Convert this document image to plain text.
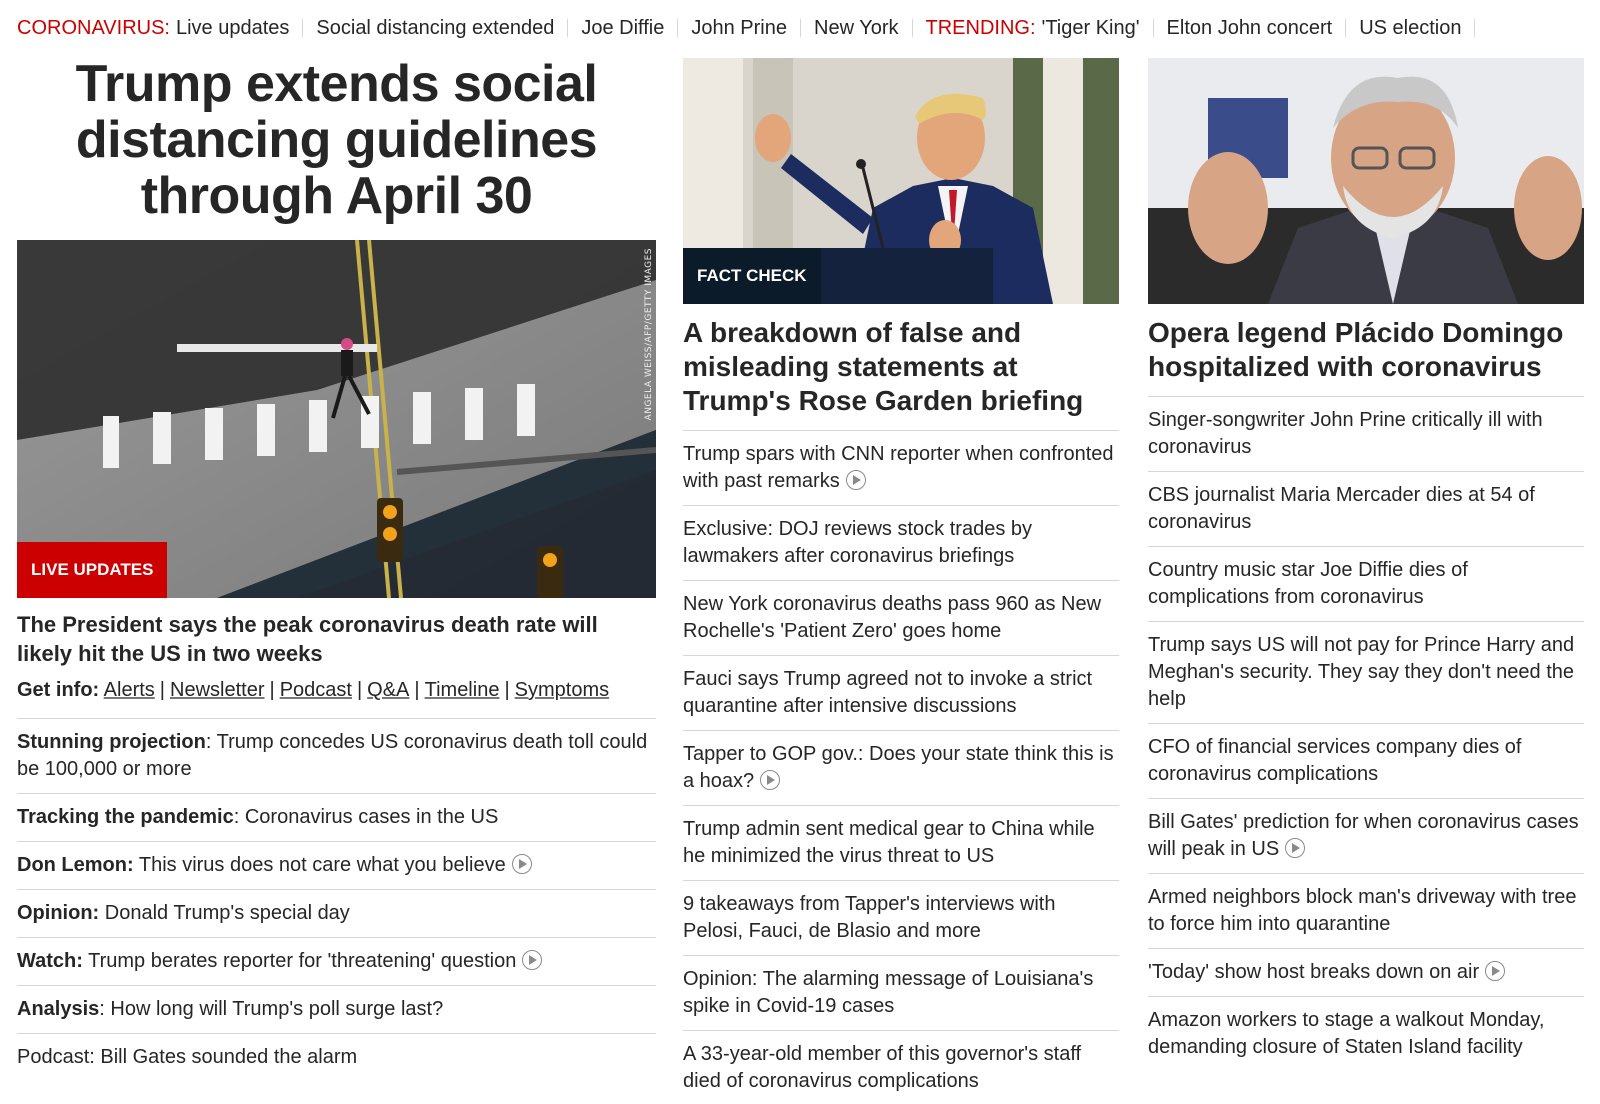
CORONAVIRUS: Live updates Social distancing extended Joe Diffie John Prine New York TRENDING: 'Tiger King' Elton John concert US election
Trump extends social distancing guidelines through April 30
ANGELA WEISS/AFP/GETTY IMAGES
LIVE UPDATES
The President says the peak coronavirus death rate will likely hit the US in two weeks
Get info: Alerts | Newsletter | Podcast | Q&A | Timeline | Symptoms
Stunning projection: Trump concedes US coronavirus death toll could be 100,000 or more
Tracking the pandemic: Coronavirus cases in the US
Don Lemon: This virus does not care what you believe
Opinion: Donald Trump's special day
Watch: Trump berates reporter for 'threatening' question
Analysis: How long will Trump's poll surge last?
Podcast: Bill Gates sounded the alarm
FACT CHECK
A breakdown of false and misleading statements at Trump's Rose Garden briefing
Trump spars with CNN reporter when confronted with past remarks
Exclusive: DOJ reviews stock trades by lawmakers after coronavirus briefings
New York coronavirus deaths pass 960 as New Rochelle's 'Patient Zero' goes home
Fauci says Trump agreed not to invoke a strict quarantine after intensive discussions
Tapper to GOP gov.: Does your state think this is a hoax?
Trump admin sent medical gear to China while he minimized the virus threat to US
9 takeaways from Tapper's interviews with Pelosi, Fauci, de Blasio and more
Opinion: The alarming message of Louisiana's spike in Covid-19 cases
A 33-year-old member of this governor's staff died of coronavirus complications
Opera legend Plácido Domingo hospitalized with coronavirus
Singer-songwriter John Prine critically ill with coronavirus
CBS journalist Maria Mercader dies at 54 of coronavirus
Country music star Joe Diffie dies of complications from coronavirus
Trump says US will not pay for Prince Harry and Meghan's security. They say they don't need the help
CFO of financial services company dies of coronavirus complications
Bill Gates' prediction for when coronavirus cases will peak in US
Armed neighbors block man's driveway with tree to force him into quarantine
'Today' show host breaks down on air
Amazon workers to stage a walkout Monday, demanding closure of Staten Island facility
